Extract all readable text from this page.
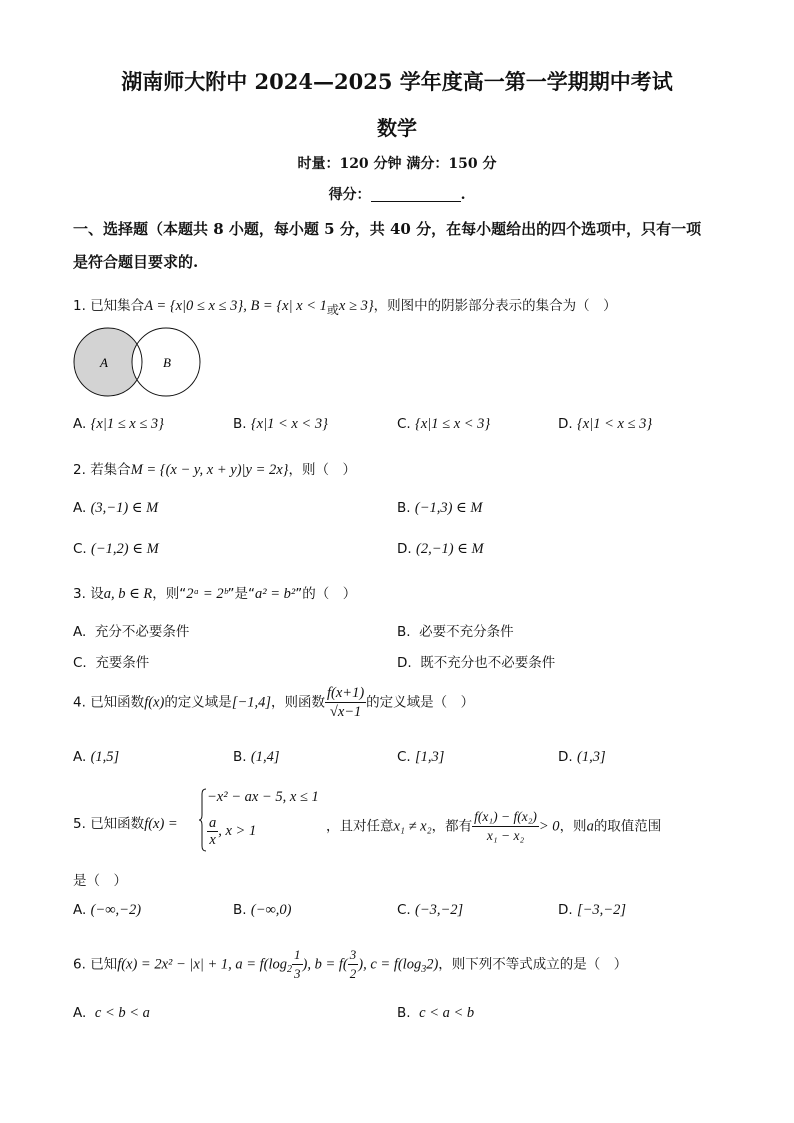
湖南师大附中 2024—2025 学年度高一第一学期期中考试
数学
时量：120 分钟 满分：150 分
得分：	.
一、选择题（本题共 8 小题，每小题 5 分，共 40 分，在每小题给出的四个选项中，只有一项
是符合题目要求的.
1. 已知集合A = {x|0 ≤ x ≤ 3}, B = {x| x < 1或x ≥ 3}，则图中的阴影部分表示的集合为（　）
A	B
A. {x|1 ≤ x ≤ 3}	B. {x|1 < x < 3}	C. {x|1 ≤ x < 3}	D. {x|1 < x ≤ 3}
2. 若集合M = {(x − y, x + y)|y = 2x}，则（　）
A. (3,−1) ∈ M	B. (−1,3) ∈ M
C. (−1,2) ∈ M	D. (2,−1) ∈ M
3. 设a, b ∈ R，则“2ᵃ = 2ᵇ”是“a² = b²”的（　）
A. 充分不必要条件	B. 必要不充分条件
C. 充要条件	D. 既不充分也不必要条件
4. 已知函数f(x)的定义域是[−1,4]，则函数 $\frac{f(x+1)}{√x-1}$ 的定义域是（　）
A. (1,5]	B. (1,4]	C. [1,3]	D. (1,3]
5. 已知函数f(x) =
−x² − ax − 5, x ≤ 1
$\frac{a}{x}$ , x > 1	，且对任意x₁ ≠ x₂，都有 $\frac{\text{f(x₁) − f(x₂)}}{\text{x₁ − x₂}} > 0$，则a的取值范围
是（　）
A. (−∞,−2)	B. (−∞,0)	C. (−3,−2]	D. [−3,−2]
6. 已知f(x) = 2x² − |x| + 1, $a = f(\log_2 \frac{1}{3}$ ), $b = f( \frac{3}{2}$ ), $c = f(\log_32)$，则下列不等式成立的是（　）
A. c < b < a	B. c < a < b
